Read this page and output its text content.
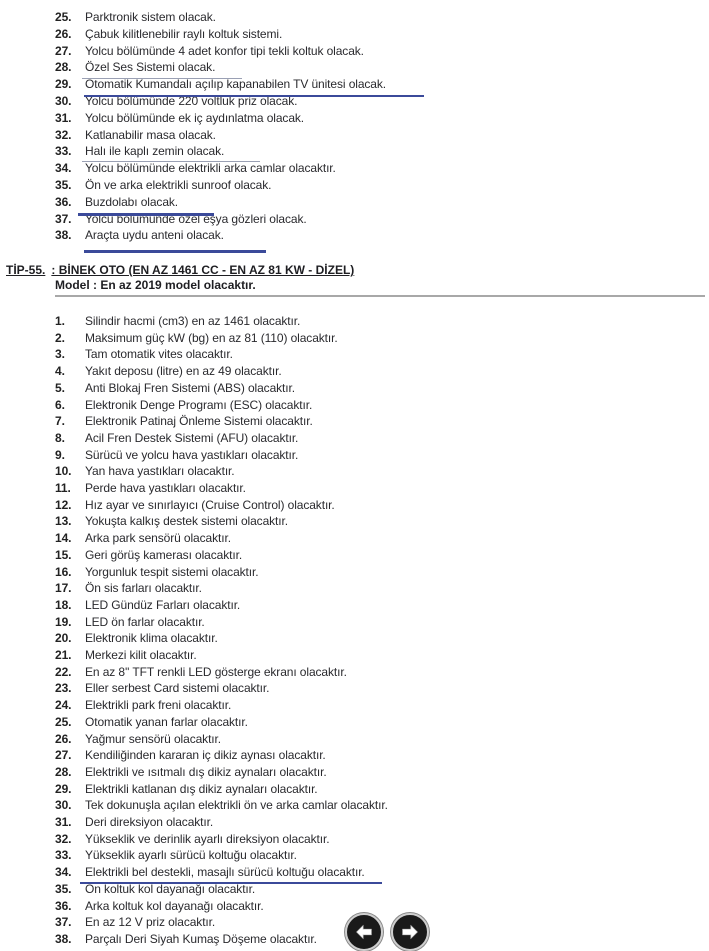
25. Parktronik sistem olacak.
26. Çabuk kilitlenebilir raylı koltuk sistemi.
27. Yolcu bölümünde 4 adet konfor tipi tekli koltuk olacak.
28. Özel Ses Sistemi olacak.
29. Otomatik Kumandalı açılıp kapanabilen TV ünitesi olacak.
30. Yolcu bölümünde 220 voltluk priz olacak.
31. Yolcu bölümünde ek iç aydınlatma olacak.
32. Katlanabilir masa olacak.
33. Halı ile kaplı zemin olacak.
34. Yolcu bölümünde elektrikli arka camlar olacaktır.
35. Ön ve arka elektrikli sunroof olacak.
36. Buzdolabı olacak.
37. Yolcu bölümünde özel eşya gözleri olacak.
38. Araçta uydu anteni olacak.
TİP-55. : BİNEK OTO (EN AZ 1461 CC - EN AZ 81 KW - DİZEL)
Model : En az 2019 model olacaktır.
1. Silindir hacmi (cm3) en az 1461 olacaktır.
2. Maksimum güç kW (bg) en az 81 (110) olacaktır.
3. Tam otomatik vites olacaktır.
4. Yakıt deposu (litre) en az 49 olacaktır.
5. Anti Blokaj Fren Sistemi (ABS) olacaktır.
6. Elektronik Denge Programı (ESC) olacaktır.
7. Elektronik Patinaj Önleme Sistemi olacaktır.
8. Acil Fren Destek Sistemi (AFU) olacaktır.
9. Sürücü ve yolcu hava yastıkları olacaktır.
10. Yan hava yastıkları olacaktır.
11. Perde hava yastıkları olacaktır.
12. Hız ayar ve sınırlayıcı (Cruise Control) olacaktır.
13. Yokuşta kalkış destek sistemi olacaktır.
14. Arka park sensörü olacaktır.
15. Geri görüş kamerası olacaktır.
16. Yorgunluk tespit sistemi olacaktır.
17. Ön sis farları olacaktır.
18. LED Gündüz Farları olacaktır.
19. LED ön farlar olacaktır.
20. Elektronik klima olacaktır.
21. Merkezi kilit olacaktır.
22. En az 8'' TFT renkli LED gösterge ekranı olacaktır.
23. Eller serbest Card sistemi olacaktır.
24. Elektrikli park freni olacaktır.
25. Otomatik yanan farlar olacaktır.
26. Yağmur sensörü olacaktır.
27. Kendiliğinden kararan iç dikiz aynası olacaktır.
28. Elektrikli ve ısıtmalı dış dikiz aynaları olacaktır.
29. Elektrikli katlanan dış dikiz aynaları olacaktır.
30. Tek dokunuşla açılan elektrikli ön ve arka camlar olacaktır.
31. Deri direksiyon olacaktır.
32. Yükseklik ve derinlik ayarlı direksiyon olacaktır.
33. Yükseklik ayarlı sürücü koltuğu olacaktır.
34. Elektrikli bel destekli, masajlı sürücü koltuğu olacaktır.
35. Ön koltuk kol dayanağı olacaktır.
36. Arka koltuk kol dayanağı olacaktır.
37. En az 12 V priz olacaktır.
38. Parçalı Deri Siyah Kumaş Döşeme olacaktır.
